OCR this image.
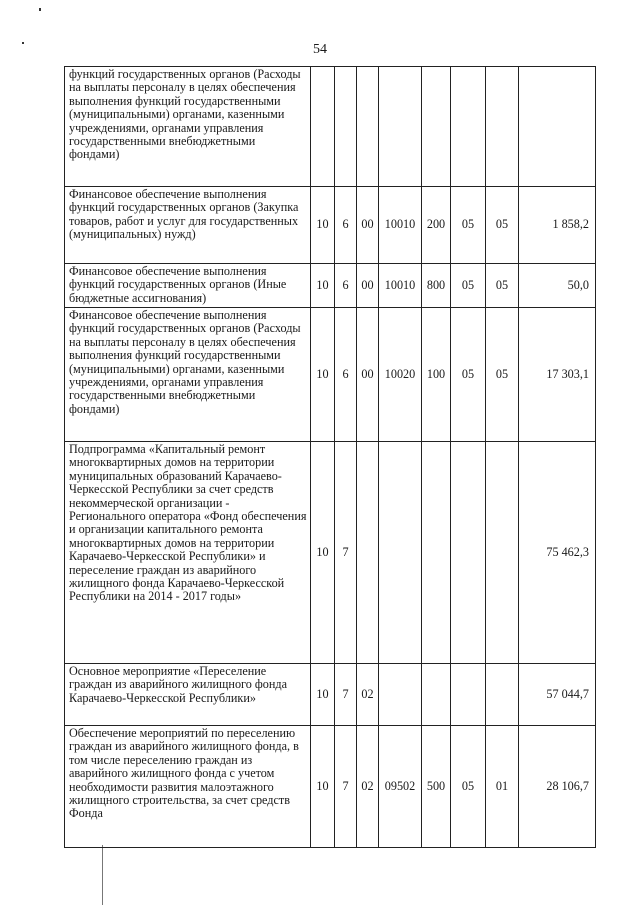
54
функций государственных органов (Расходы на выплаты персоналу в целях обеспечения выполнения функций государственными (муниципальными) органами, казенными учреждениями, органами управления государственными внебюджетными фондами)								
Финансовое обеспечение выполнения функций государственных органов (Закупка товаров, работ и услуг для государственных (муниципальных) нужд)	10	6	00	10010	200	05	05	1 858,2
Финансовое обеспечение выполнения функций государственных органов (Иные бюджетные ассигнования)	10	6	00	10010	800	05	05	50,0
Финансовое обеспечение выполнения функций государственных органов (Расходы на выплаты персоналу в целях обеспечения выполнения функций государственными (муниципальными) органами, казенными учреждениями, органами управления государственными внебюджетными фондами)	10	6	00	10020	100	05	05	17 303,1
Подпрограмма «Капитальный ремонт многоквартирных домов на территории муниципальных образований Карачаево-Черкесской Республики за счет средств некоммерческой организации - Регионального оператора «Фонд обеспечения и организации капитального ремонта многоквартирных домов на территории Карачаево-Черкесской Республики» и переселение граждан из аварийного жилищного фонда Карачаево-Черкесской Республики на 2014 - 2017 годы»	10	7						75 462,3
Основное мероприятие «Переселение граждан из аварийного жилищного фонда Карачаево-Черкесской Республики»	10	7	02					57 044,7
Обеспечение мероприятий по переселению граждан из аварийного жилищного фонда, в том числе переселению граждан из аварийного жилищного фонда с учетом необходимости развития малоэтажного жилищного строительства, за счет средств Фонда	10	7	02	09502	500	05	01	28 106,7
